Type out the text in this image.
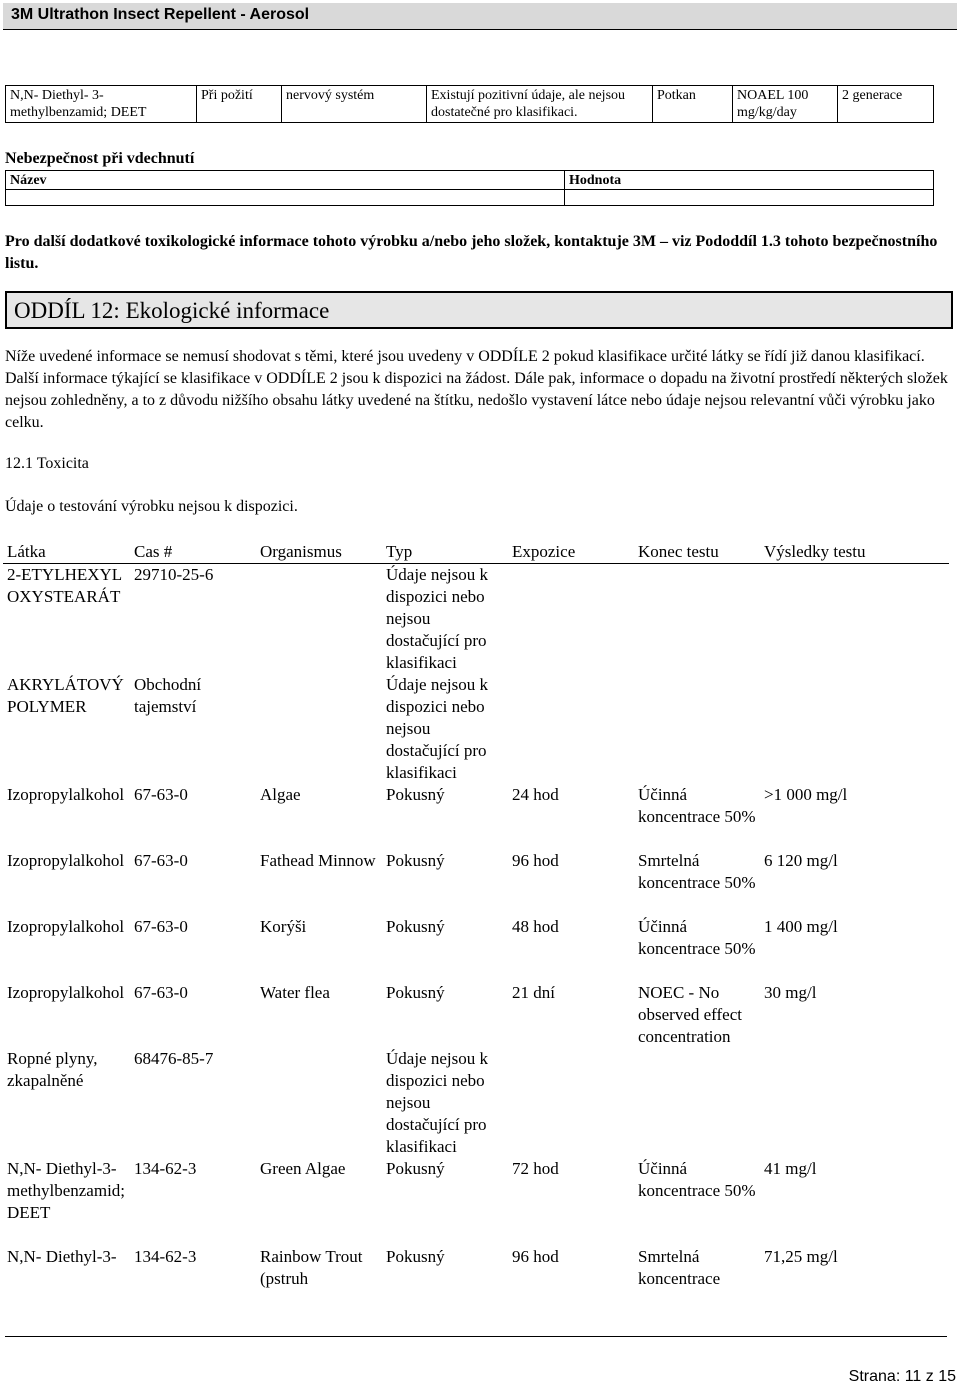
3M Ultrathon Insect Repellent - Aerosol
N,N- Diethyl- 3-methylbenzamid; DEET	Při požití	nervový systém	Existují pozitivní údaje, ale nejsou dostatečné pro klasifikaci.	Potkan	NOAEL 100 mg/kg/day	2 generace
Nebezpečnost při vdechnutí
Název	Hodnota

Pro další dodatkové toxikologické informace tohoto výrobku a/nebo jeho složek, kontaktuje 3M – viz Pododdíl 1.3 tohoto bezpečnostního listu.
ODDÍL 12: Ekologické informace
Níže uvedené informace se nemusí shodovat s těmi, které jsou uvedeny v ODDÍLE 2 pokud klasifikace určité látky se řídí již danou klasifikací. Další informace týkající se klasifikace v ODDÍLE 2 jsou k dispozici na žádost. Dále pak, informace o dopadu na životní prostředí některých složek nejsou zohledněny, a to z důvodu nižšího obsahu látky uvedené na štítku, nedošlo vystavení látce nebo údaje nejsou relevantní vůči výrobku jako celku.
12.1 Toxicita
Údaje o testování výrobku nejsou k dispozici.
Látka	Cas #	Organismus	Typ	Expozice	Konec testu	Výsledky testu
2-ETYLHEXYL OXYSTEARÁT	29710-25-6		Údaje nejsou k dispozici nebo nejsou dostačující pro klasifikaci			
AKRYLÁTOVÝ POLYMER	Obchodní tajemství		Údaje nejsou k dispozici nebo nejsou dostačující pro klasifikaci			
Izopropylalkohol	67-63-0	Algae	Pokusný	24 hod	Účinná koncentrace 50%	>1 000 mg/l
Izopropylalkohol	67-63-0	Fathead Minnow	Pokusný	96 hod	Smrtelná koncentrace 50%	6 120 mg/l
Izopropylalkohol	67-63-0	Korýši	Pokusný	48 hod	Účinná koncentrace 50%	1 400 mg/l
Izopropylalkohol	67-63-0	Water flea	Pokusný	21 dní	NOEC - No observed effect concentration	30 mg/l
Ropné plyny, zkapalněné	68476-85-7		Údaje nejsou k dispozici nebo nejsou dostačující pro klasifikaci			
N,N- Diethyl-3-methylbenzamid; DEET	134-62-3	Green Algae	Pokusný	72 hod	Účinná koncentrace 50%	41 mg/l
N,N- Diethyl-3-	134-62-3	Rainbow Trout (pstruh	Pokusný	96 hod	Smrtelná koncentrace	71,25 mg/l
Strana: 11 z 15
